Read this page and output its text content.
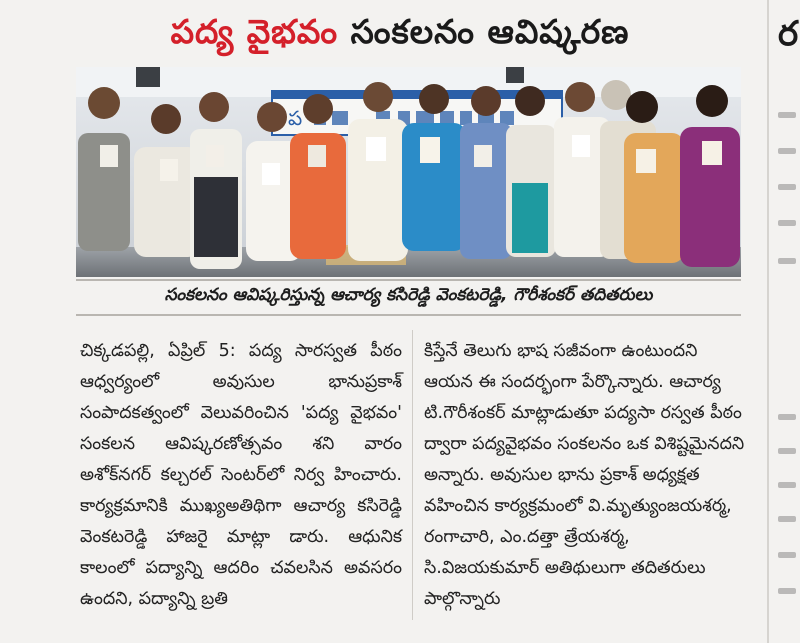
పద్య వైభవం సంకలనం ఆవిష్కరణ	ర
ప
సంకలనం ఆవిష్కరిస్తున్న ఆచార్య కసిరెడ్డి వెంకటరెడ్డి, గౌరీశంకర్ తదితరులు

చిక్కడపల్లి, ఏప్రిల్ 5: పద్య సారస్వత పీఠం ఆధ్వర్యంలో అవుసుల భానుప్రకాశ్ సంపాదకత్వంలో వెలువరించిన 'పద్య వైభవం' సంకలన ఆవిష్కరణోత్సవం శని వారం అశోక్‌నగర్ కల్చరల్ సెంటర్‌లో నిర్వ హించారు. కార్యక్రమానికి ముఖ్యఅతిథిగా ఆచార్య కసిరెడ్డి వెంకటరెడ్డి హాజరై మాట్లా డారు. ఆధునిక కాలంలో పద్యాన్ని ఆదరిం చవలసిన అవసరం ఉందని, పద్యాన్ని బ్రతి

కిస్తేనే తెలుగు భాష సజీవంగా ఉంటుందని ఆయన ఈ సందర్భంగా పేర్కొన్నారు. ఆచార్య టి.గౌరీశంకర్ మాట్లాడుతూ పద్యసా రస్వత పీఠం ద్వారా పద్యవైభవం సంకలనం ఒక విశిష్టమైనదని అన్నారు. అవుసుల భాను ప్రకాశ్ అధ్యక్షత వహించిన కార్యక్రమంలో వి.మృత్యుంజయశర్మ, రంగాచారి, ఎం.దత్తా త్రేయశర్మ, సి.విజయకుమార్ అతిథులుగా తదితరులు పాల్గొన్నారు
